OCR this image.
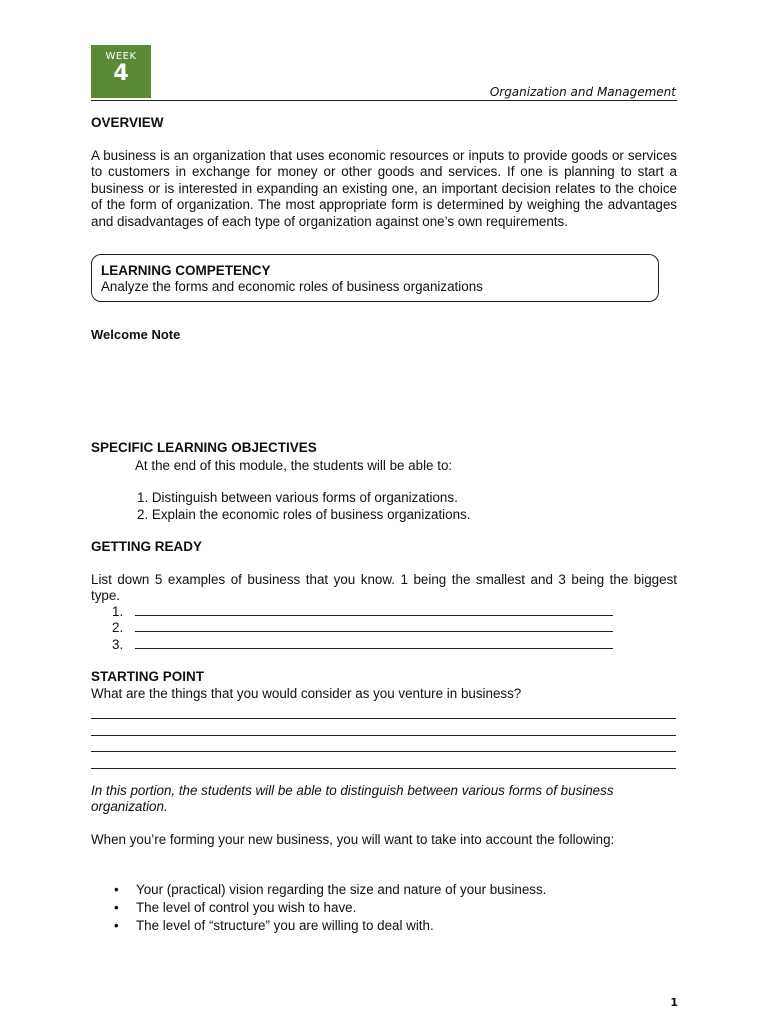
WEEK
4
Organization and Management
OVERVIEW
A business is an organization that uses economic resources or inputs to provide goods or services to customers in exchange for money or other goods and services. If one is planning to start a business or is interested in expanding an existing one, an important decision relates to the choice of the form of organization. The most appropriate form is determined by weighing the advantages and disadvantages of each type of organization against one’s own requirements.
LEARNING COMPETENCY
Analyze the forms and economic roles of business organizations
Welcome Note
SPECIFIC LEARNING OBJECTIVES
At the end of this module, the students will be able to:
1. Distinguish between various forms of organizations.
2. Explain the economic roles of business organizations.
GETTING READY
List down 5 examples of business that you know. 1 being the smallest and 3 being the biggest type.
1.
2.
3.
STARTING POINT
What are the things that you would consider as you venture in business?
In this portion, the students will be able to distinguish between various forms of business organization.
When you’re forming your new business, you will want to take into account the following:
• Your (practical) vision regarding the size and nature of your business.
• The level of control you wish to have.
• The level of “structure” you are willing to deal with.
1
